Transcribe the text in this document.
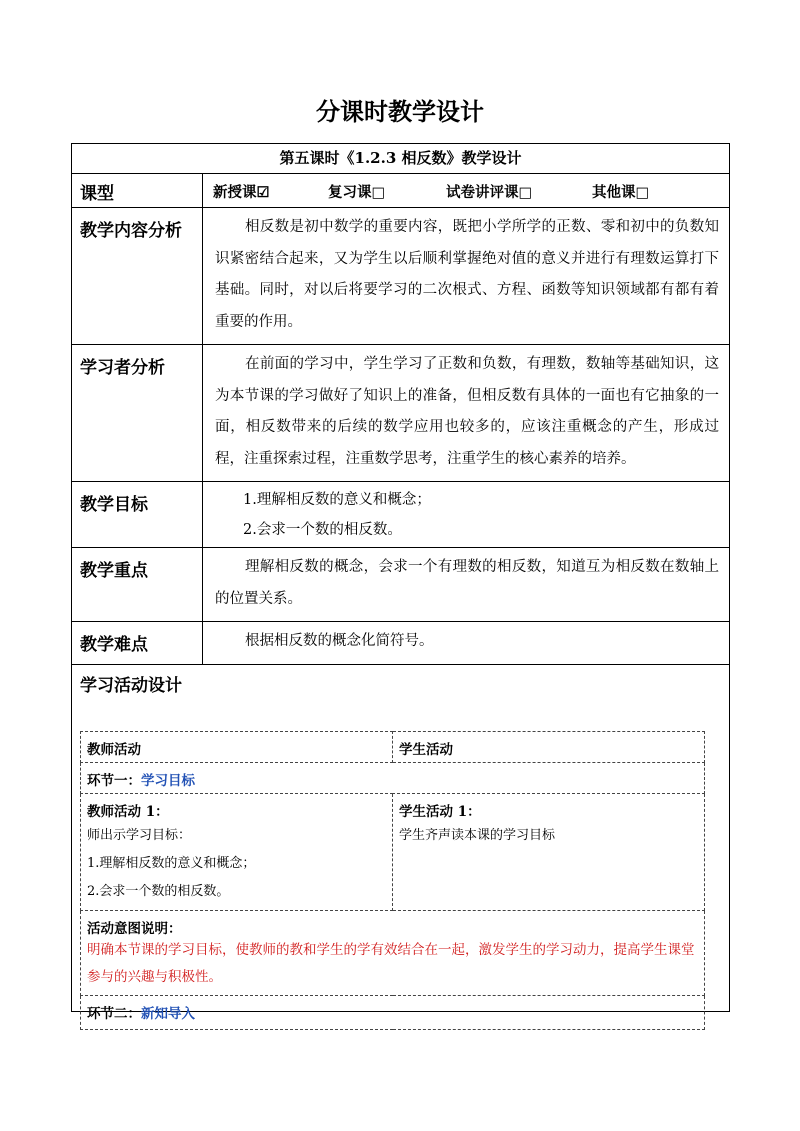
分课时教学设计
第五课时《1.2.3 相反数》教学设计
课型	新授课☑	复习课□	试卷讲评课□	其他课□
教学内容分析	相反数是初中数学的重要内容，既把小学所学的正数、零和初中的负数知识紧密结合起来，又为学生以后顺利掌握绝对值的意义并进行有理数运算打下基础。同时，对以后将要学习的二次根式、方程、函数等知识领域都有都有着重要的作用。
学习者分析	在前面的学习中，学生学习了正数和负数，有理数，数轴等基础知识，这为本节课的学习做好了知识上的准备，但相反数有具体的一面也有它抽象的一面，相反数带来的后续的数学应用也较多的，应该注重概念的产生，形成过程，注重探索过程，注重数学思考，注重学生的核心素养的培养。
教学目标	1.理解相反数的意义和概念；
2.会求一个数的相反数。

教学重点	理解相反数的概念，会求一个有理数的相反数，知道互为相反数在数轴上的位置关系。
教学难点	根据相反数的概念化简符号。

学习活动设计
教师活动	学生活动
环节一：学习目标

教师活动 1：
师出示学习目标：
1.理解相反数的意义和概念；
2.会求一个数的相反数。

学生活动 1：
学生齐声读本课的学习目标

活动意图说明：
明确本节课的学习目标，使教师的教和学生的学有效结合在一起，激发学生的学习动力，提高学生课堂参与的兴趣与积极性。

环节二：新知导入
